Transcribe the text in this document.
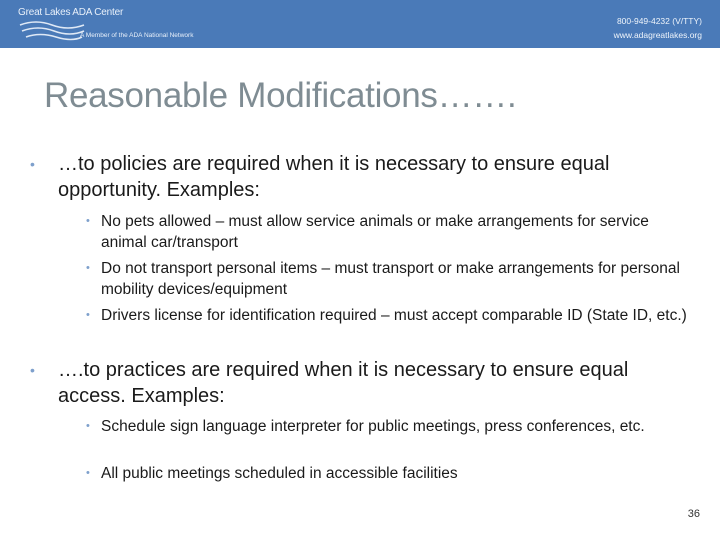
Great Lakes ADA Center
A Member of the ADA National Network
800-949-4232 (V/TTY)
www.adagreatlakes.org
Reasonable Modifications…….
•	…to policies are required when it is necessary to ensure equal opportunity. Examples:
• No pets allowed – must allow service animals or make arrangements for service animal car/transport
• Do not transport personal items – must transport or make arrangements for personal mobility devices/equipment
• Drivers license for identification required – must accept comparable ID (State ID, etc.)
•	….to practices are required when it is necessary to ensure equal access. Examples:
• Schedule sign language interpreter for public meetings, press conferences, etc.
• All public meetings scheduled in accessible facilities
36
